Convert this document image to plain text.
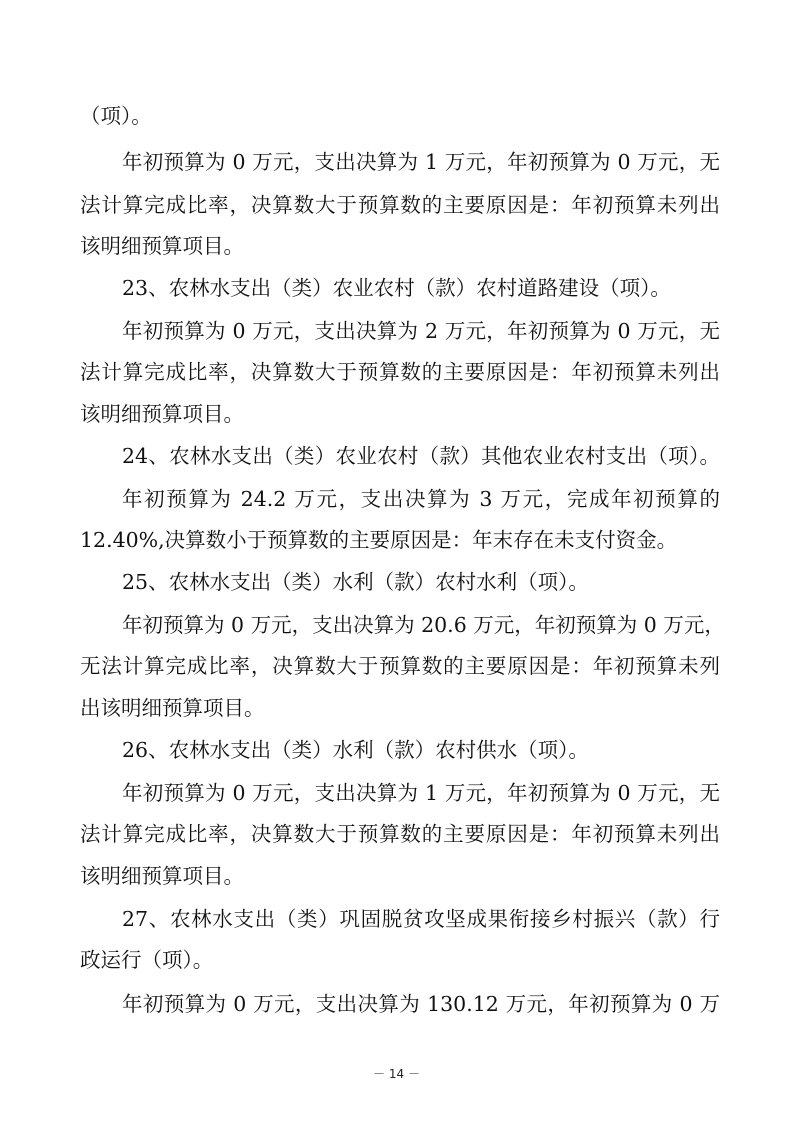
（项）。

年初预算为 0 万元，支出决算为 1 万元，年初预算为 0 万元，无

法计算完成比率，决算数大于预算数的主要原因是：年初预算未列出

该明细预算项目。

23、农林水支出（类）农业农村（款）农村道路建设（项）。

年初预算为 0 万元，支出决算为 2 万元，年初预算为 0 万元，无

法计算完成比率，决算数大于预算数的主要原因是：年初预算未列出

该明细预算项目。

24、农林水支出（类）农业农村（款）其他农业农村支出（项）。

年初预算为 24.2 万元，支出决算为 3 万元，完成年初预算的

12.40%,决算数小于预算数的主要原因是：年末存在未支付资金。

25、农林水支出（类）水利（款）农村水利（项）。

年初预算为 0 万元，支出决算为 20.6 万元，年初预算为 0 万元，

无法计算完成比率，决算数大于预算数的主要原因是：年初预算未列

出该明细预算项目。

26、农林水支出（类）水利（款）农村供水（项）。

年初预算为 0 万元，支出决算为 1 万元，年初预算为 0 万元，无

法计算完成比率，决算数大于预算数的主要原因是：年初预算未列出

该明细预算项目。

27、农林水支出（类）巩固脱贫攻坚成果衔接乡村振兴（款）行

政运行（项）。

年初预算为 0 万元，支出决算为 130.12 万元，年初预算为 0 万

－ 14 －
